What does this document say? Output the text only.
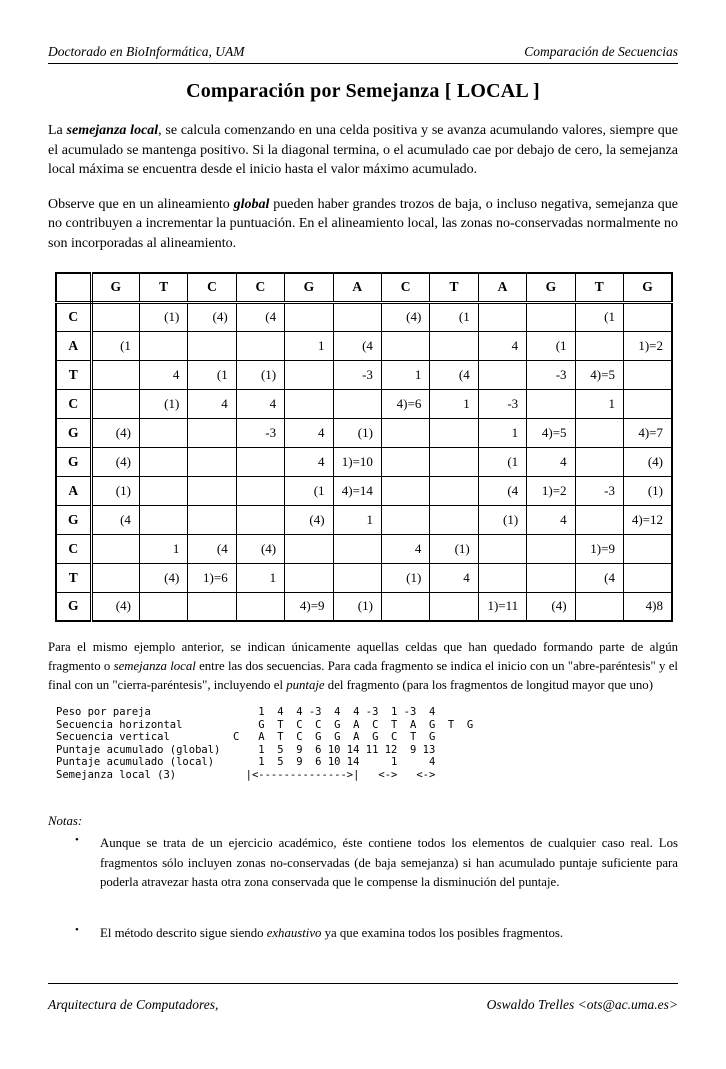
Doctorado en BioInformática, UAM	Comparación de Secuencias
Comparación por Semejanza [ LOCAL ]

La semejanza local, se calcula comenzando en una celda positiva y se avanza acumulando valores, siempre que el acumulado se mantenga positivo. Si la diagonal termina, o el acumulado cae por debajo de cero, la semejanza local máxima se encuentra desde el inicio hasta el valor máximo acumulado.

Observe que en un alineamiento global pueden haber grandes trozos de baja, o incluso negativa, semejanza que no contribuyen a incrementar la puntuación. En el alineamiento local, las zonas no-conservadas normalmente no son incorporadas al alineamiento.

	G	T	C	C	G	A	C	T	A	G	T	G
C		(1)	(4)	(4			(4)	(1			(1	
A	(1				1	(4			4	(1		1)=2
T		4	(1	(1)		-3	1	(4		-3	4)=5	
C		(1)	4	4			4)=6	1	-3		1	
G	(4)			-3	4	(1)			1	4)=5		4)=7
G	(4)				4	1)=10			(1	4		(4)
A	(1)				(1	4)=14			(4	1)=2	-3	(1)
G	(4				(4)	1			(1)	4		4)=12
C		1	(4	(4)			4	(1)			1)=9	
T		(4)	1)=6	1			(1)	4			(4	
G	(4)				4)=9	(1)			1)=11	(4)		4)8

Para el mismo ejemplo anterior, se indican únicamente aquellas celdas que han quedado formando parte de algún fragmento o semejanza local entre las dos secuencias. Para cada fragmento se indica el inicio con un "abre-paréntesis" y el final con un "cierra-paréntesis", incluyendo el puntaje del fragmento (para los fragmentos de longitud mayor que uno)

Peso por pareja                 1  4  4 -3  4  4 -3  1 -3  4
Secuencia horizontal            G  T  C  C  G  A  C  T  A  G  T  G
Secuencia vertical          C   A  T  C  G  G  A  G  C  T  G
Puntaje acumulado (global)      1  5  9  6 10 14 11 12  9 13
Puntaje acumulado (local)       1  5  9  6 10 14     1     4
Semejanza local (3)           |<-------------->|   <->   <->
Notas:
• Aunque se trata de un ejercicio académico, éste contiene todos los elementos de cualquier caso real. Los fragmentos sólo incluyen zonas no-conservadas (de baja semejanza) si han acumulado puntaje suficiente para poderla atravezar hasta otra zona conservada que le compense la disminución del puntaje.
• El método descrito sigue siendo exhaustivo ya que examina todos los posibles fragmentos.
Arquitectura de Computadores,	Oswaldo Trelles <ots@ac.uma.es>
